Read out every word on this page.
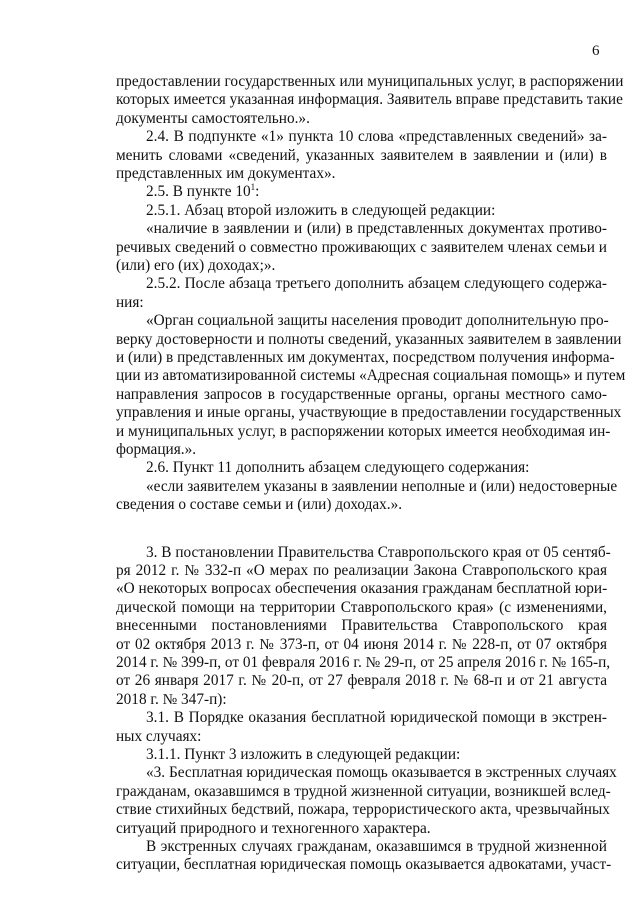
6
предоставлении государственных или муниципальных услуг, в распоряжении
которых имеется указанная информация. Заявитель вправе представить такие
документы самостоятельно.».
2.4. В подпункте «1» пункта 10 слова «представленных сведений» за-
менить словами «сведений, указанных заявителем в заявлении и (или) в
представленных им документах».
2.5. В пункте $10^1$:
2.5.1. Абзац второй изложить в следующей редакции:
«наличие в заявлении и (или) в представленных документах противо-
речивых сведений о совместно проживающих с заявителем членах семьи и
(или) его (их) доходах;».
2.5.2. После абзаца третьего дополнить абзацем следующего содержа-
ния:
«Орган социальной защиты населения проводит дополнительную про-
верку достоверности и полноты сведений, указанных заявителем в заявлении
и (или) в представленных им документах, посредством получения информа-
ции из автоматизированной системы «Адресная социальная помощь» и путем
направления запросов в государственные органы, органы местного само-
управления и иные органы, участвующие в предоставлении государственных
и муниципальных услуг, в распоряжении которых имеется необходимая ин-
формация.».
2.6. Пункт 11 дополнить абзацем следующего содержания:
«если заявителем указаны в заявлении неполные и (или) недостоверные
сведения о составе семьи и (или) доходах.».
3. В постановлении Правительства Ставропольского края от 05 сентяб-
ря 2012 г. № 332-п «О мерах по реализации Закона Ставропольского края
«О некоторых вопросах обеспечения оказания гражданам бесплатной юри-
дической помощи на территории Ставропольского края» (с изменениями,
внесенными постановлениями Правительства Ставропольского края
от 02 октября 2013 г. № 373-п, от 04 июня 2014 г. № 228-п, от 07 октября
2014 г. № 399-п, от 01 февраля 2016 г. № 29-п, от 25 апреля 2016 г. № 165-п,
от 26 января 2017 г. № 20-п, от 27 февраля 2018 г. № 68-п и от 21 августа
2018 г. № 347-п):
3.1. В Порядке оказания бесплатной юридической помощи в экстрен-
ных случаях:
3.1.1. Пункт 3 изложить в следующей редакции:
«3. Бесплатная юридическая помощь оказывается в экстренных случаях
гражданам, оказавшимся в трудной жизненной ситуации, возникшей вслед-
ствие стихийных бедствий, пожара, террористического акта, чрезвычайных
ситуаций природного и техногенного характера.
В экстренных случаях гражданам, оказавшимся в трудной жизненной
ситуации, бесплатная юридическая помощь оказывается адвокатами, участ-
